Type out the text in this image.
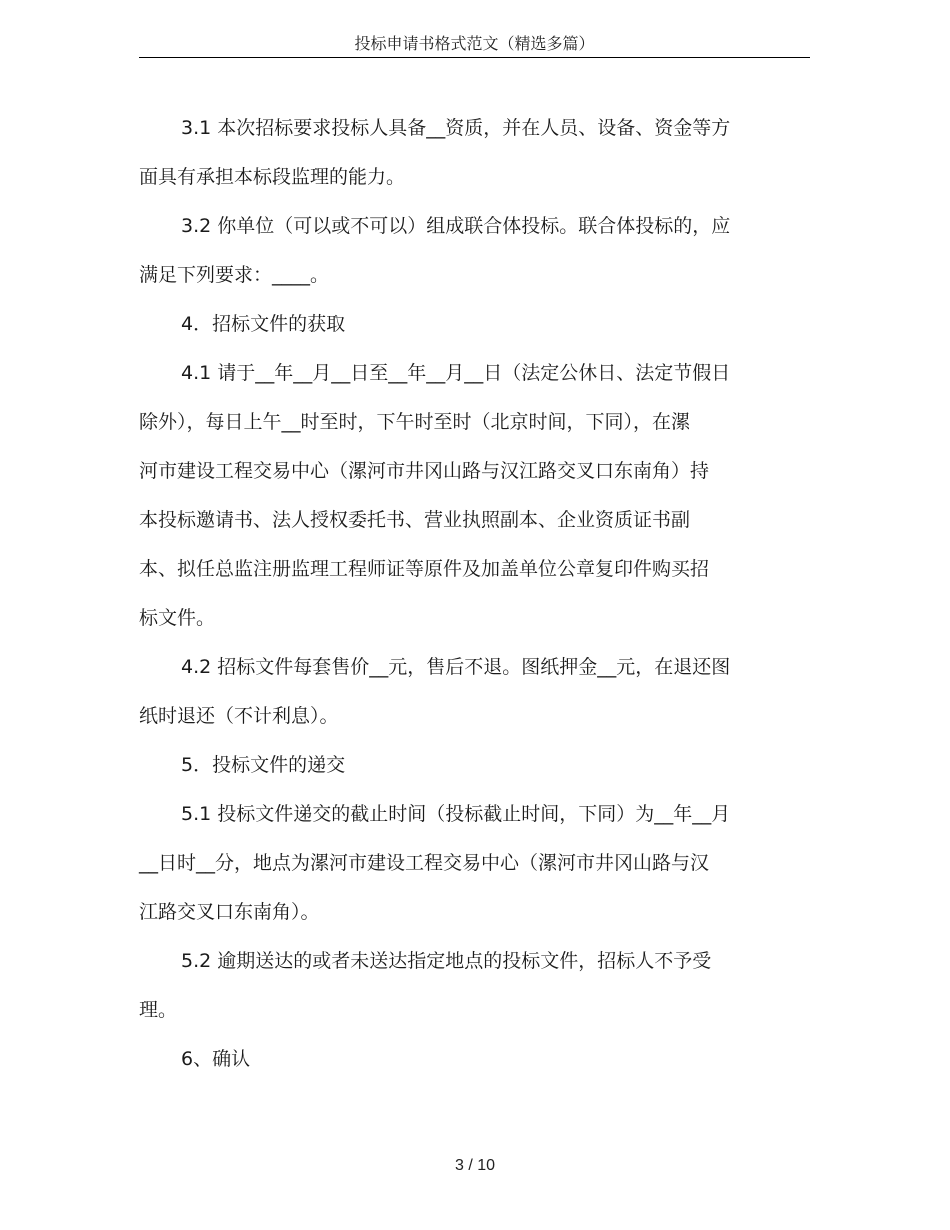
投标申请书格式范文（精选多篇）
3.1 本次招标要求投标人具备__资质，并在人员、设备、资金等方
面具有承担本标段监理的能力。
3.2 你单位（可以或不可以）组成联合体投标。联合体投标的，应
满足下列要求：____。
4．招标文件的获取
4.1 请于__年__月__日至__年__月__日（法定公休日、法定节假日
除外），每日上午__时至时，下午时至时（北京时间，下同），在漯
河市建设工程交易中心（漯河市井冈山路与汉江路交叉口东南角）持
本投标邀请书、法人授权委托书、营业执照副本、企业资质证书副
本、拟任总监注册监理工程师证等原件及加盖单位公章复印件购买招
标文件。
4.2 招标文件每套售价__元，售后不退。图纸押金__元，在退还图
纸时退还（不计利息）。
5．投标文件的递交
5.1 投标文件递交的截止时间（投标截止时间，下同）为__年__月
__日时__分，地点为漯河市建设工程交易中心（漯河市井冈山路与汉
江路交叉口东南角）。
5.2 逾期送达的或者未送达指定地点的投标文件，招标人不予受
理。
6、确认
3 / 10
